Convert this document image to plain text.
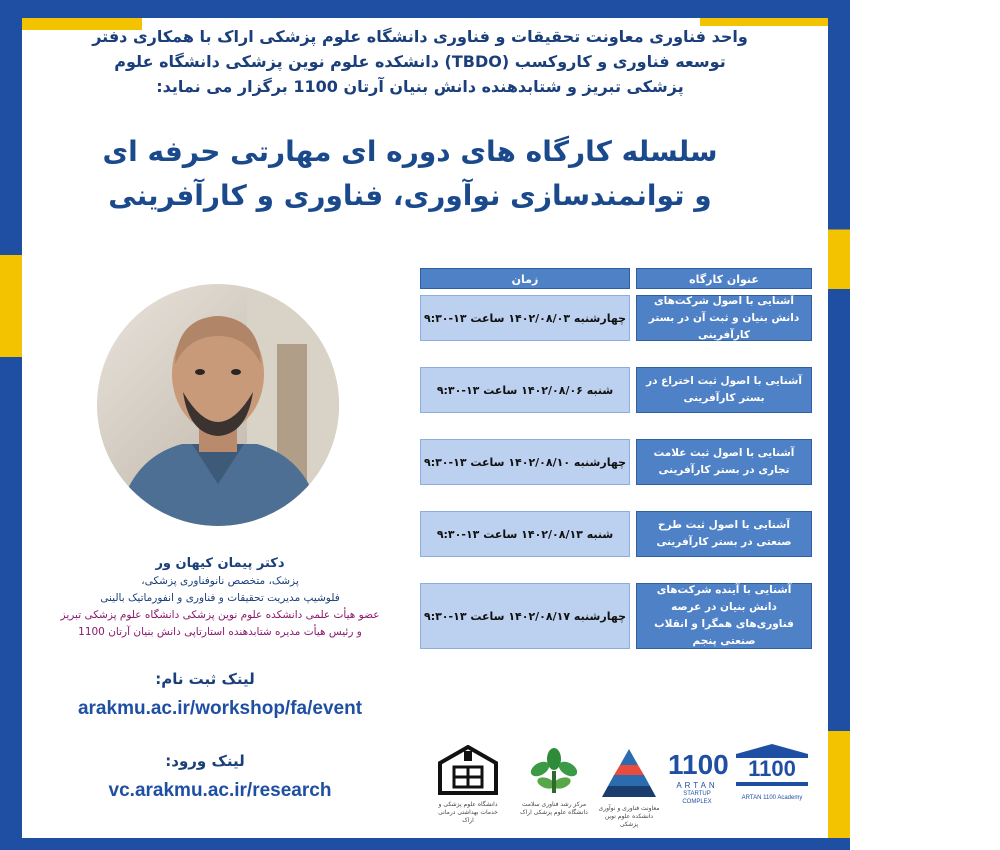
واحد فناوری معاونت تحقیقات و فناوری دانشگاه علوم پزشکی اراک با همکاری دفتر
توسعه فناوری و کاروکسب (TBDO) دانشکده علوم نوین پزشکی دانشگاه علوم
پزشکی تبریز و شتابدهنده دانش بنیان آرتان 1100 برگزار می نماید:
سلسله کارگاه های دوره ای مهارتی حرفه ای
و توانمندسازی نوآوری، فناوری و کارآفرینی
عنوان کارگاه
زمان
آشنایی با اصول شرکت‌های دانش بنیان و ثبت آن در بستر کارآفرینی
چهارشنبه ۱۴۰۲/۰۸/۰۳ ساعت ۱۳-۹:۳۰
آشنایی با اصول ثبت اختراع در بستر کارآفرینی
شنبه ۱۴۰۲/۰۸/۰۶ ساعت ۱۳-۹:۳۰
آشنایی با اصول ثبت علامت تجاری در بستر کارآفرینی
چهارشنبه ۱۴۰۲/۰۸/۱۰ ساعت ۱۳-۹:۳۰
آشنایی با اصول ثبت طرح صنعتی در بستر کارآفرینی
شنبه ۱۴۰۲/۰۸/۱۳ ساعت ۱۳-۹:۳۰
آشنایی با آینده شرکت‌های دانش بنیان در عرصه فناوری‌های همگرا و انقلاب صنعتی پنجم
چهارشنبه ۱۴۰۲/۰۸/۱۷ ساعت ۱۳-۹:۳۰
دکتر پیمان کیهان ور
پزشک، متخصص نانوفناوری پزشکی،
فلوشیپ مدیریت تحقیقات و فناوری و انفورماتیک بالینی
عضو هیأت علمی دانشکده علوم نوین پزشکی دانشگاه علوم پزشکی تبریز
و رئیس هیأت مدیره شتابدهنده استارتاپی دانش بنیان آرتان 1100
لینک ثبت نام:
arakmu.ac.ir/workshop/fa/event
لینک ورود:
vc.arakmu.ac.ir/research
دانشگاه علوم پزشکی و خدمات بهداشتی درمانی اراک
مرکز رشد فناوری سلامت دانشگاه علوم پزشکی اراک
معاونت فناوری و نوآوری دانشکده علوم نوین پزشکی
1100
ARTAN
STARTUP COMPLEX
1100
ARTAN 1100 Academy
